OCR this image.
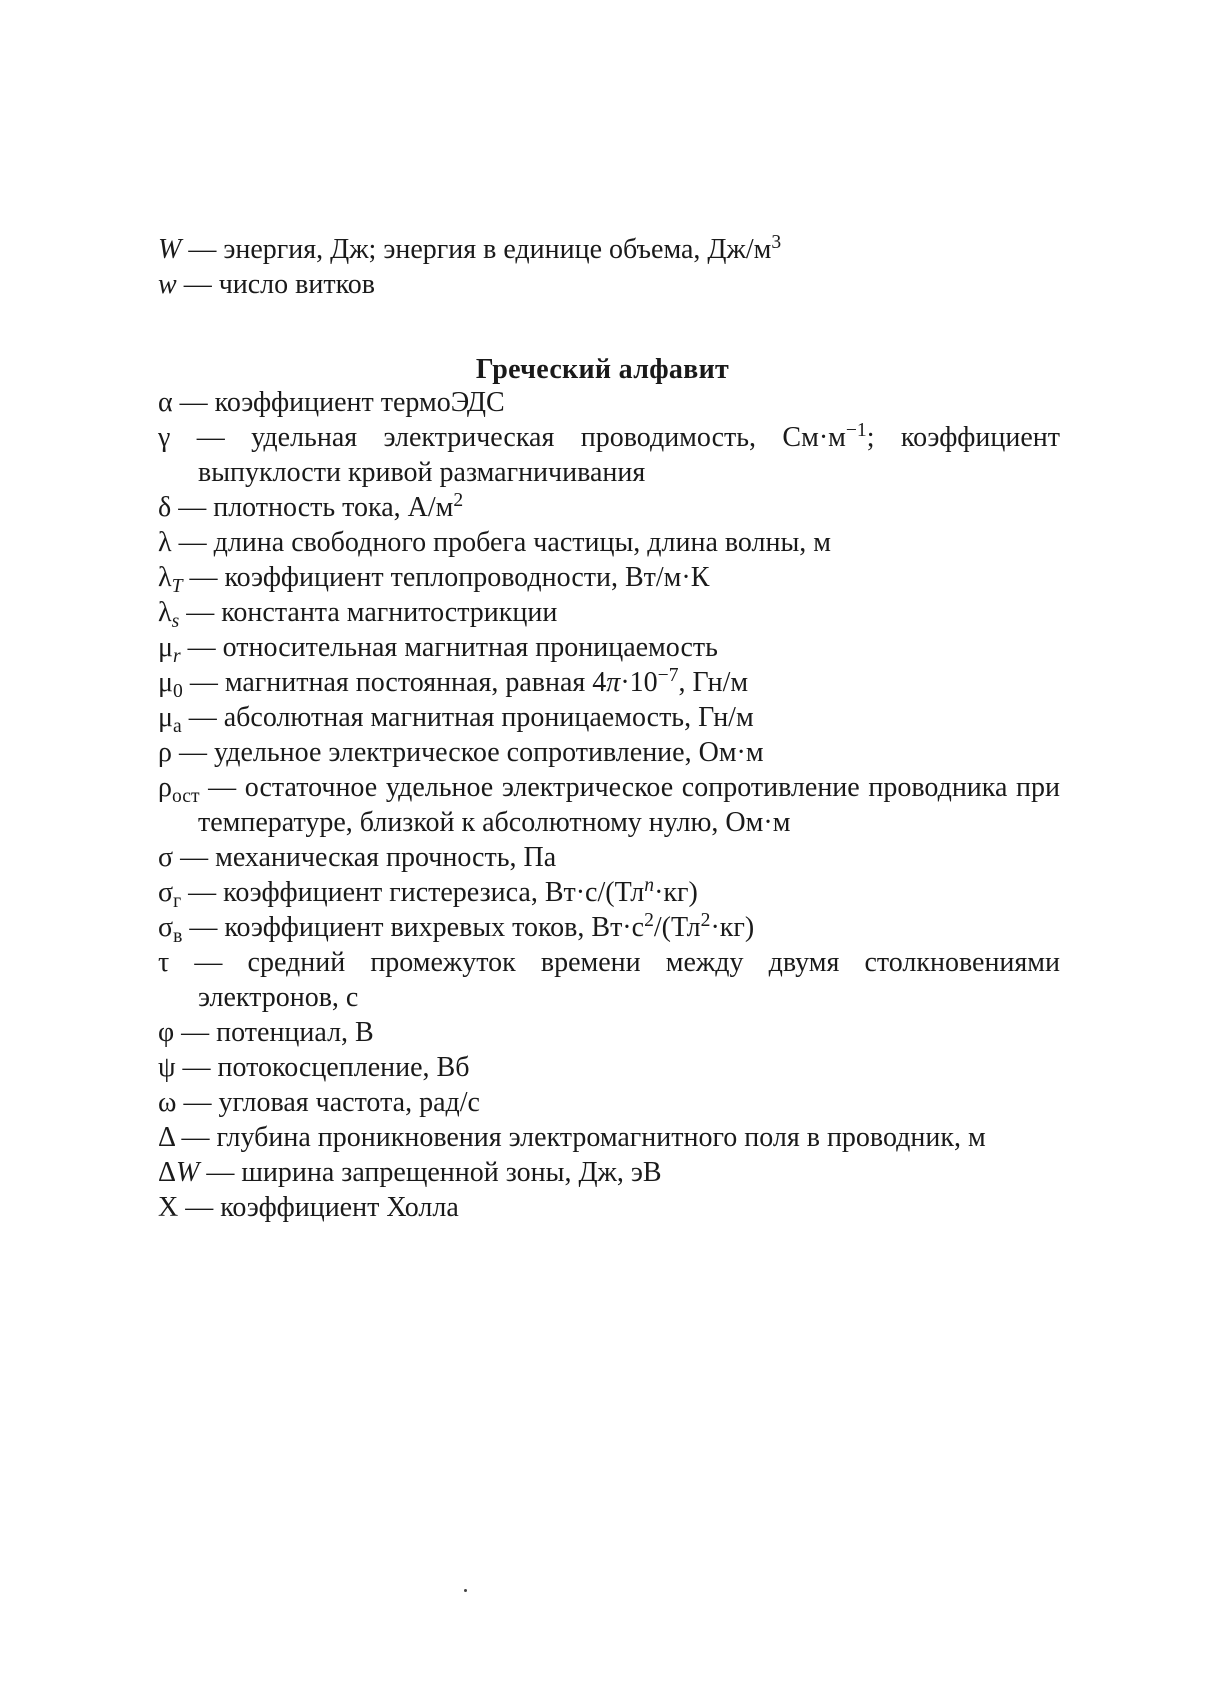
W — энергия, Дж; энергия в единице объема, $Дж/м^3$

w — число витков

Греческий алфавит

α — коэффициент термоЭДС

γ — удельная электрическая проводимость, $См\cdot м^{-1}$; коэффициент выпуклости кривой размагничивания

δ — плотность тока, $А/м^2$

λ — длина свободного пробега частицы, длина волны, м

$\lambda_T$ — коэффициент теплопроводности, Вт/м·К

$\lambda_s$ — константа магнитострикции

$\mu_r$ — относительная магнитная проницаемость

$\mu_0$ — магнитная постоянная, равная $4\pi\cdot 10^{-7}$, Гн/м

$\mu_а$ — абсолютная магнитная проницаемость, Гн/м

ρ — удельное электрическое сопротивление, Ом·м

$\rho_{ост}$ — остаточное удельное электрическое сопротивление проводника при температуре, близкой к абсолютному нулю, Ом·м

σ — механическая прочность, Па

$\sigma_г$ — коэффициент гистерезиса, $Вт\cdot с/(Тл^n\cdot кг)$

$\sigma_в$ — коэффициент вихревых токов, $Вт\cdot с^2/(Тл^2\cdot кг)$

τ — средний промежуток времени между двумя столкновениями электронов, с

φ — потенциал, В

ψ — потокосцепление, Вб

ω — угловая частота, рад/с

Δ — глубина проникновения электромагнитного поля в проводник, м

ΔW — ширина запрещенной зоны, Дж, эВ

Χ — коэффициент Холла
